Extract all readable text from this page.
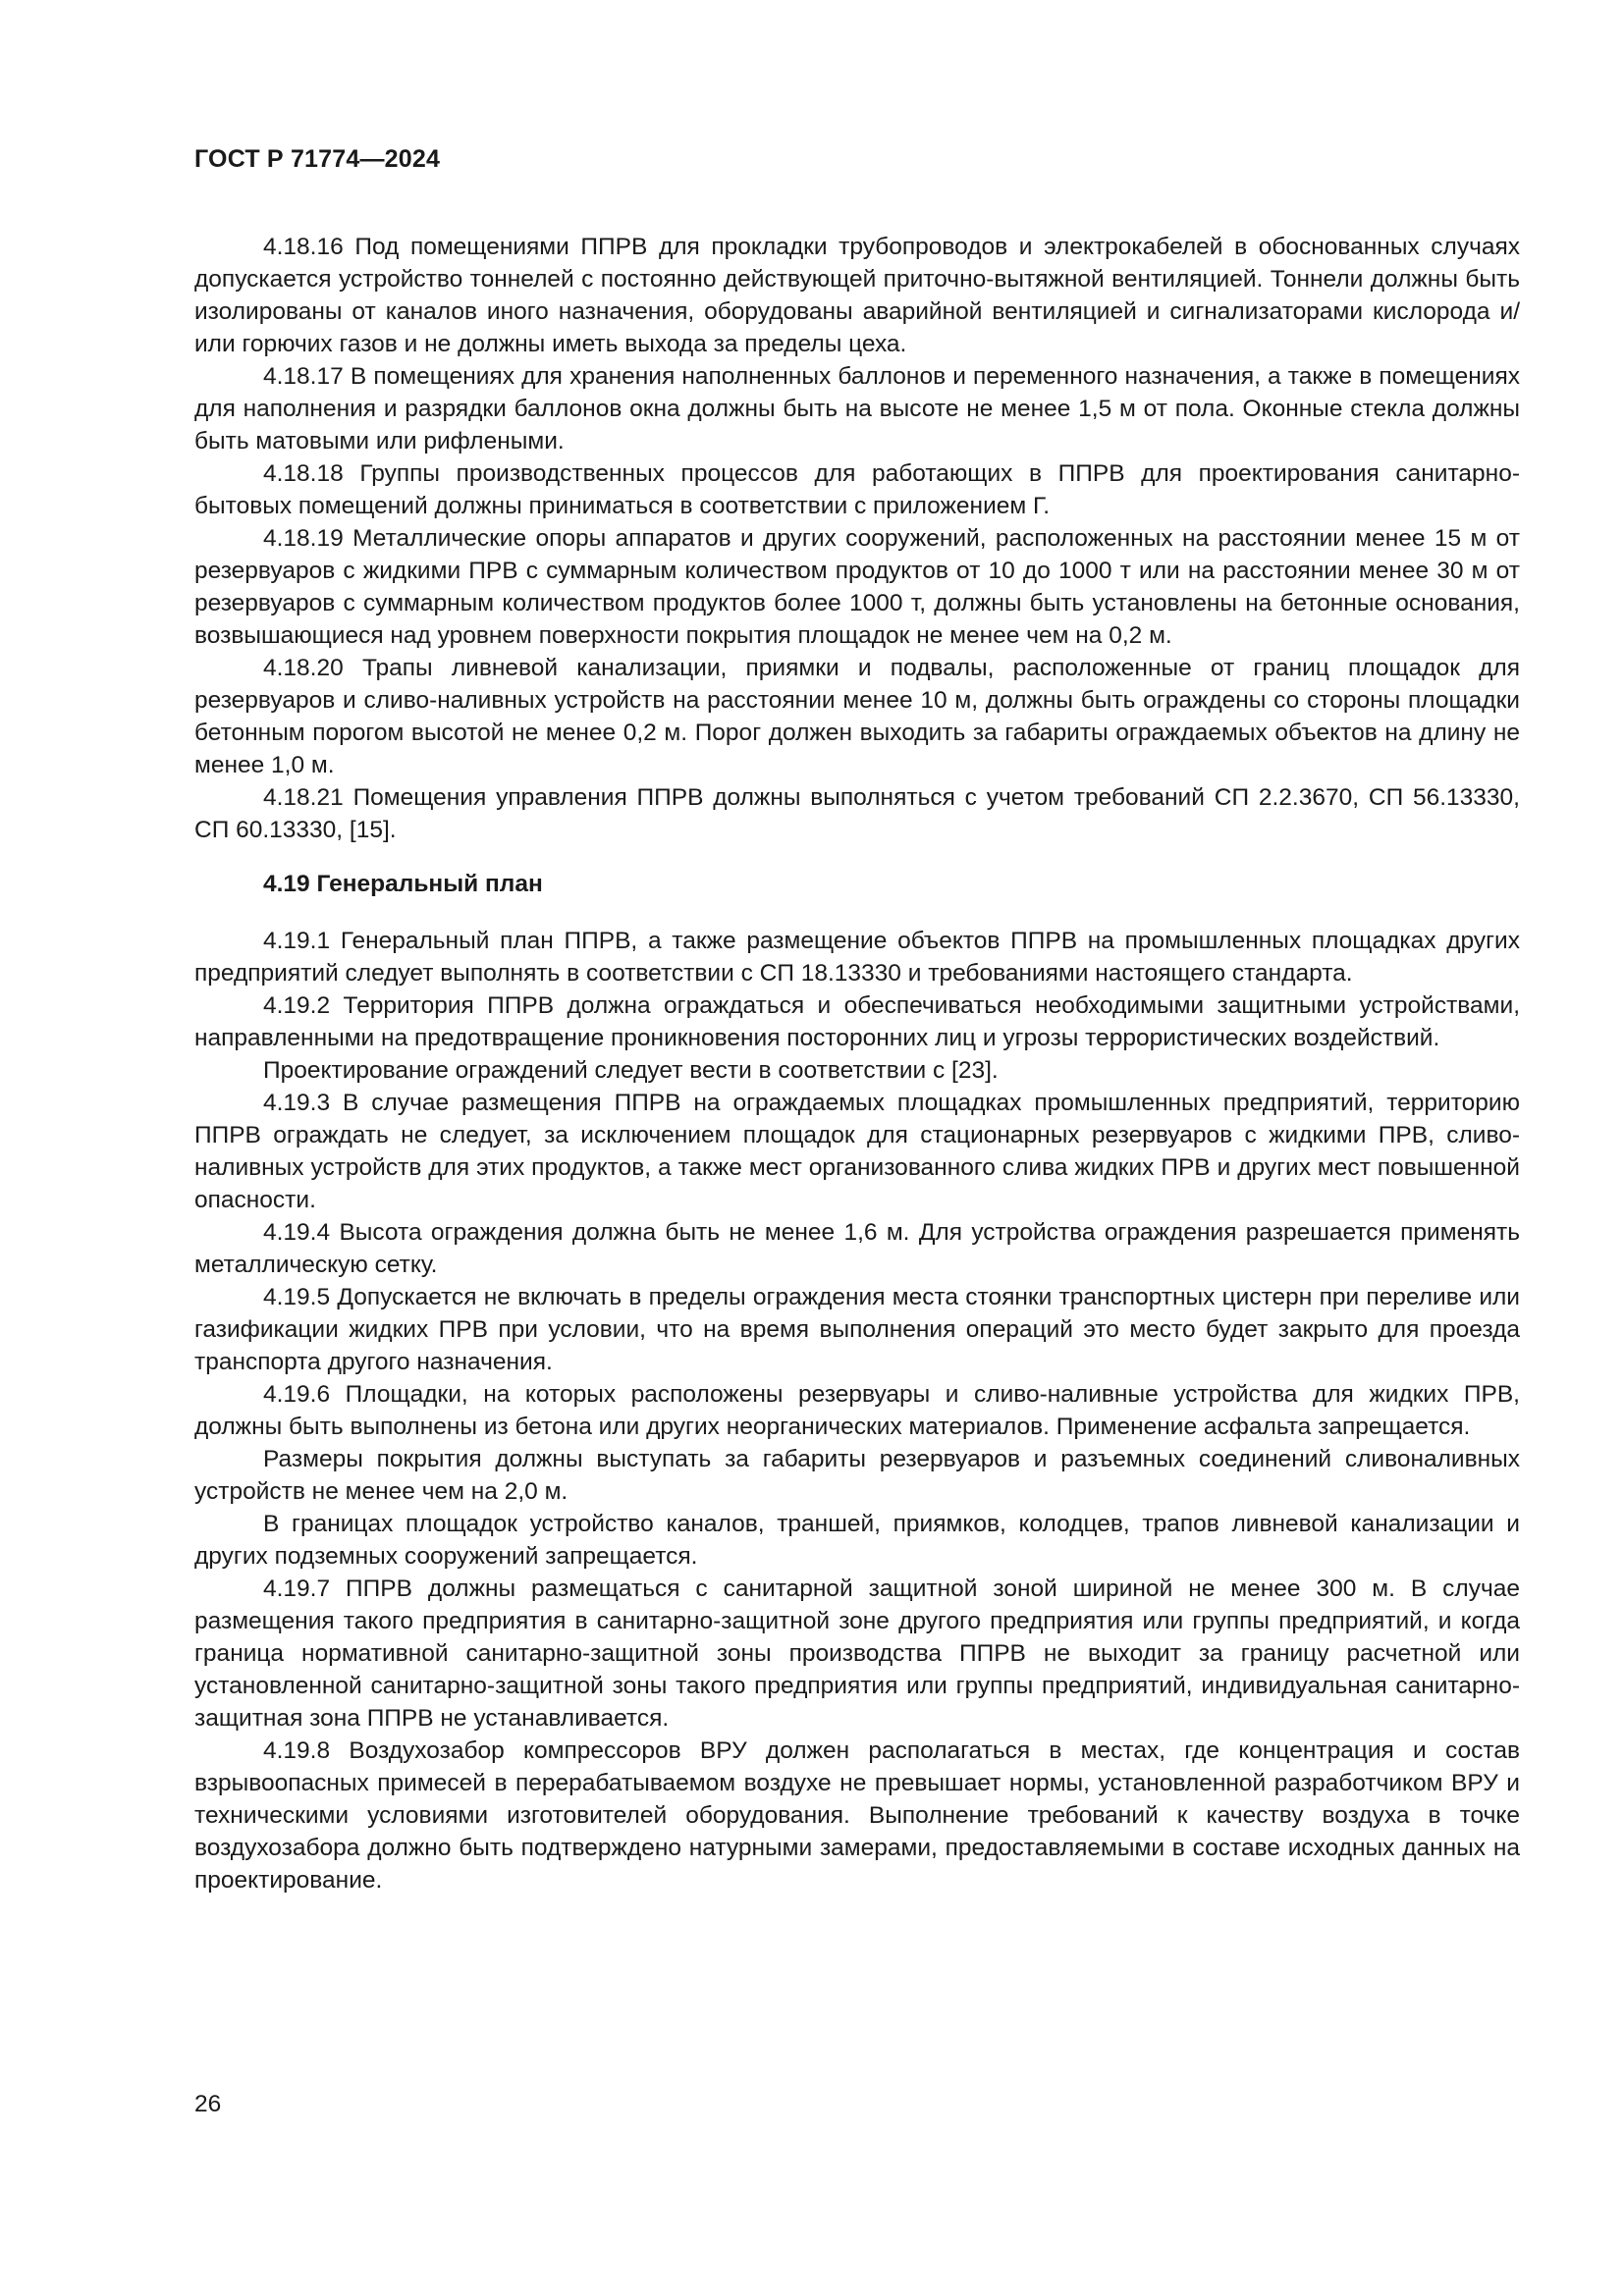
ГОСТ Р 71774—2024

4.18.16 Под помещениями ППРВ для прокладки трубопроводов и электрокабелей в обоснованных случаях допускается устройство тоннелей с постоянно действующей приточно-вытяжной вентиляцией. Тоннели должны быть изолированы от каналов иного назначения, оборудованы аварийной вентиляцией и сигнализаторами кислорода и/или горючих газов и не должны иметь выхода за пределы цеха.

4.18.17 В помещениях для хранения наполненных баллонов и переменного назначения, а также в помещениях для наполнения и разрядки баллонов окна должны быть на высоте не менее 1,5 м от пола. Оконные стекла должны быть матовыми или рифлеными.

4.18.18 Группы производственных процессов для работающих в ППРВ для проектирования санитарно-бытовых помещений должны приниматься в соответствии с приложением Г.

4.18.19 Металлические опоры аппаратов и других сооружений, расположенных на расстоянии менее 15 м от резервуаров с жидкими ПРВ с суммарным количеством продуктов от 10 до 1000 т или на расстоянии менее 30 м от резервуаров с суммарным количеством продуктов более 1000 т, должны быть установлены на бетонные основания, возвышающиеся над уровнем поверхности покрытия площадок не менее чем на 0,2 м.

4.18.20 Трапы ливневой канализации, приямки и подвалы, расположенные от границ площадок для резервуаров и сливо-наливных устройств на расстоянии менее 10 м, должны быть ограждены со стороны площадки бетонным порогом высотой не менее 0,2 м. Порог должен выходить за габариты ограждаемых объектов на длину не менее 1,0 м.

4.18.21 Помещения управления ППРВ должны выполняться с учетом требований СП 2.2.3670, СП 56.13330, СП 60.13330, [15].

4.19 Генеральный план

4.19.1 Генеральный план ППРВ, а также размещение объектов ППРВ на промышленных площадках других предприятий следует выполнять в соответствии с СП 18.13330 и требованиями настоящего стандарта.

4.19.2 Территория ППРВ должна ограждаться и обеспечиваться необходимыми защитными устройствами, направленными на предотвращение проникновения посторонних лиц и угрозы террористических воздействий.

Проектирование ограждений следует вести в соответствии с [23].

4.19.3 В случае размещения ППРВ на ограждаемых площадках промышленных предприятий, территорию ППРВ ограждать не следует, за исключением площадок для стационарных резервуаров с жидкими ПРВ, сливо-наливных устройств для этих продуктов, а также мест организованного слива жидких ПРВ и других мест повышенной опасности.

4.19.4 Высота ограждения должна быть не менее 1,6 м. Для устройства ограждения разрешается применять металлическую сетку.

4.19.5 Допускается не включать в пределы ограждения места стоянки транспортных цистерн при переливе или газификации жидких ПРВ при условии, что на время выполнения операций это место будет закрыто для проезда транспорта другого назначения.

4.19.6 Площадки, на которых расположены резервуары и сливо-наливные устройства для жидких ПРВ, должны быть выполнены из бетона или других неорганических материалов. Применение асфальта запрещается.

Размеры покрытия должны выступать за габариты резервуаров и разъемных соединений сливоналивных устройств не менее чем на 2,0 м.

В границах площадок устройство каналов, траншей, приямков, колодцев, трапов ливневой канализации и других подземных сооружений запрещается.

4.19.7 ППРВ должны размещаться с санитарной защитной зоной шириной не менее 300 м. В случае размещения такого предприятия в санитарно-защитной зоне другого предприятия или группы предприятий, и когда граница нормативной санитарно-защитной зоны производства ППРВ не выходит за границу расчетной или установленной санитарно-защитной зоны такого предприятия или группы предприятий, индивидуальная санитарно-защитная зона ППРВ не устанавливается.

4.19.8 Воздухозабор компрессоров ВРУ должен располагаться в местах, где концентрация и состав взрывоопасных примесей в перерабатываемом воздухе не превышает нормы, установленной разработчиком ВРУ и техническими условиями изготовителей оборудования. Выполнение требований к качеству воздуха в точке воздухозабора должно быть подтверждено натурными замерами, предоставляемыми в составе исходных данных на проектирование.

26
